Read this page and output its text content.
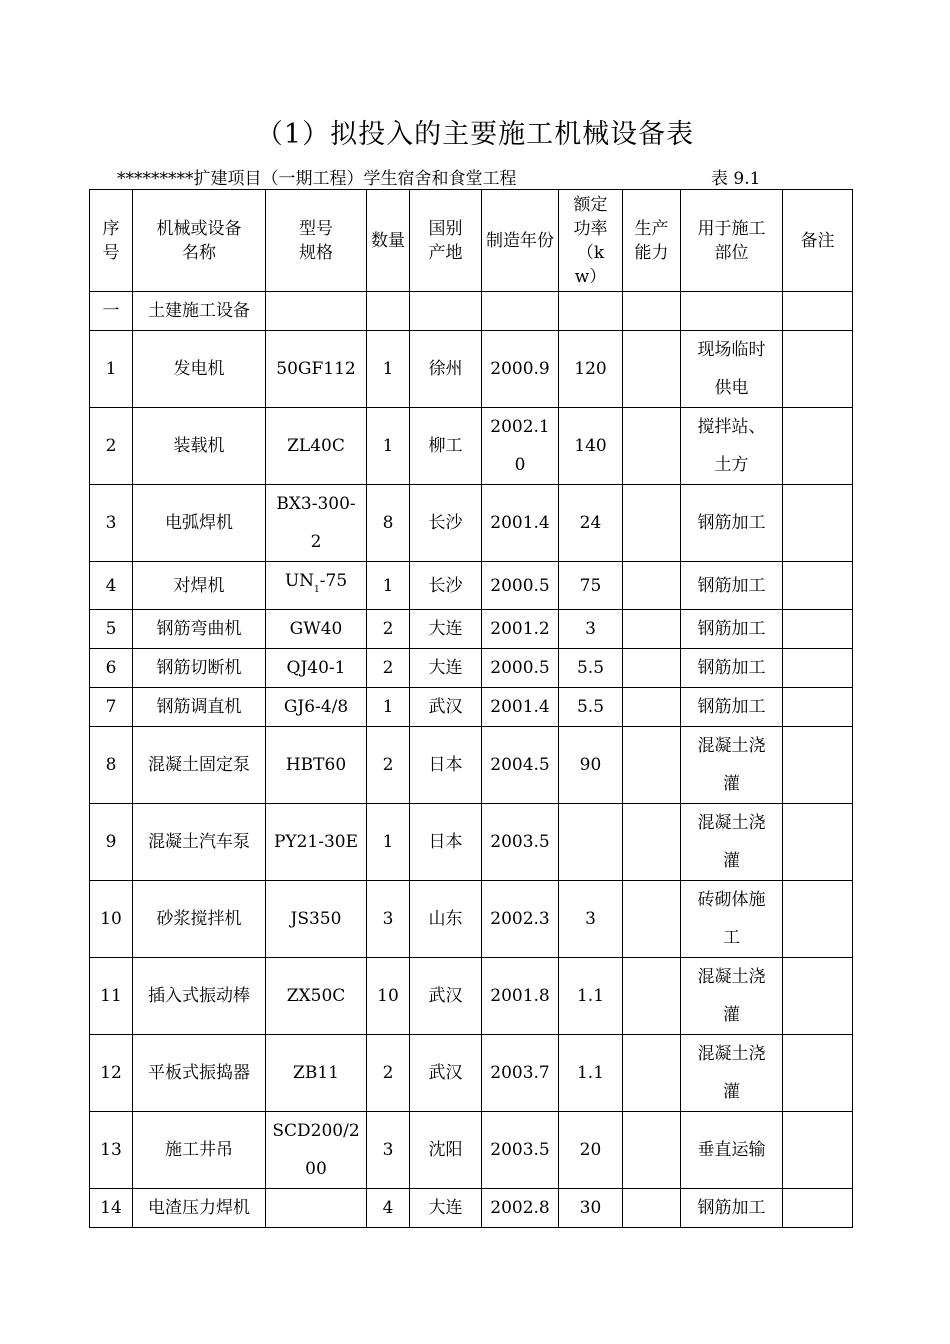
（1）拟投入的主要施工机械设备表
*********扩建项目（一期工程）学生宿舍和食堂工程	表 9.1
序号	机械或设备名称	型号规格	数量	国别产地	制造年份	额定功率（kw）	生产能力	用于施工部位	备注
一	土建施工设备								
1	发电机	50GF112	1	徐州	2000.9	120		现场临时供电	
2	装载机	ZL40C	1	柳工	2002.10	140		搅拌站、土方	
3	电弧焊机	BX3-300-2	8	长沙	2001.4	24		钢筋加工	
4	对焊机	$UN_1-75$	1	长沙	2000.5	75		钢筋加工	
5	钢筋弯曲机	GW40	2	大连	2001.2	3		钢筋加工	
6	钢筋切断机	QJ40-1	2	大连	2000.5	5.5		钢筋加工	
7	钢筋调直机	GJ6-4/8	1	武汉	2001.4	5.5		钢筋加工	
8	混凝土固定泵	HBT60	2	日本	2004.5	90		混凝土浇灌	
9	混凝土汽车泵	PY21-30E	1	日本	2003.5			混凝土浇灌	
10	砂浆搅拌机	JS350	3	山东	2002.3	3		砖砌体施工	
11	插入式振动棒	ZX50C	10	武汉	2001.8	1.1		混凝土浇灌	
12	平板式振捣器	ZB11	2	武汉	2003.7	1.1		混凝土浇灌	
13	施工井吊	SCD200/200	3	沈阳	2003.5	20		垂直运输	
14	电渣压力焊机		4	大连	2002.8	30		钢筋加工	
